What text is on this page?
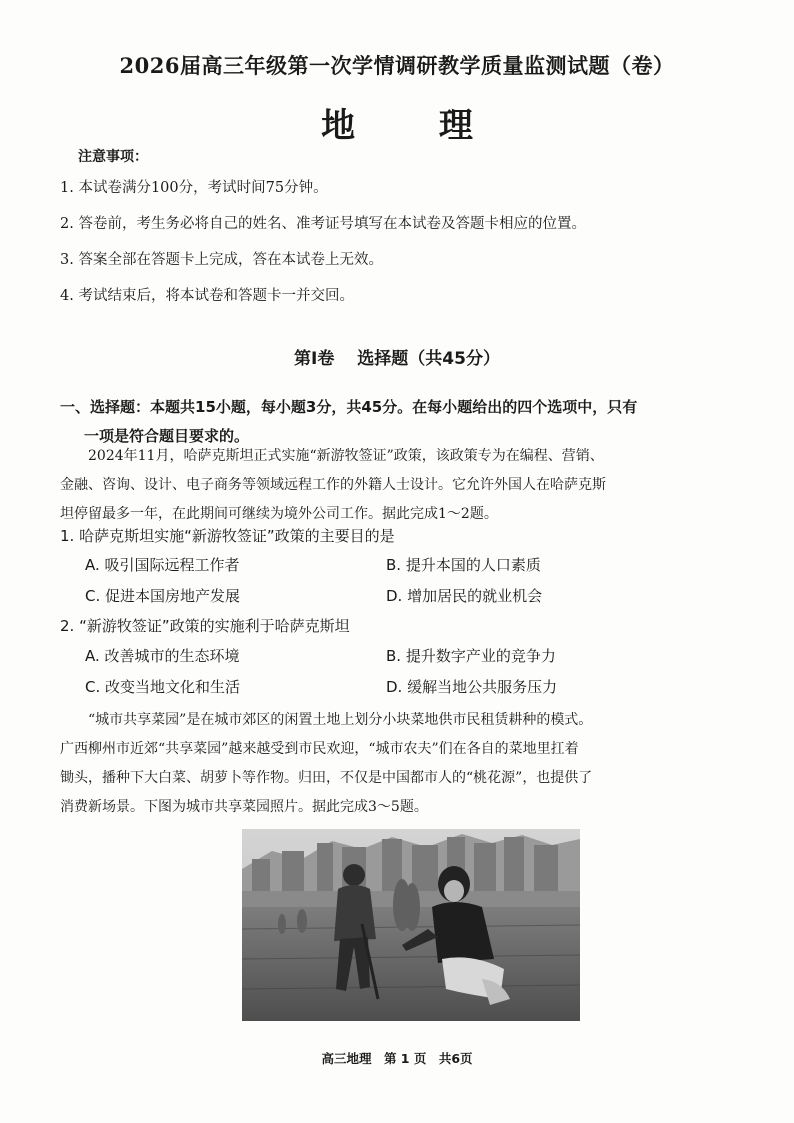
2026届高三年级第一次学情调研教学质量监测试题（卷）
地 理
注意事项：
1. 本试卷满分100分，考试时间75分钟。
2. 答卷前，考生务必将自己的姓名、准考证号填写在本试卷及答题卡相应的位置。
3. 答案全部在答题卡上完成，答在本试卷上无效。
4. 考试结束后，将本试卷和答题卡一并交回。
第Ⅰ卷　 选择题（共45分）
一、选择题：本题共15小题，每小题3分，共45分。在每小题给出的四个选项中，只有
一项是符合题目要求的。
2024年11月，哈萨克斯坦正式实施“新游牧签证”政策，该政策专为在编程、营销、
金融、咨询、设计、电子商务等领域远程工作的外籍人士设计。它允许外国人在哈萨克斯
坦停留最多一年，在此期间可继续为境外公司工作。据此完成1～2题。
1. 哈萨克斯坦实施“新游牧签证”政策的主要目的是
A. 吸引国际远程工作者	B. 提升本国的人口素质
C. 促进本国房地产发展	D. 增加居民的就业机会
2. “新游牧签证”政策的实施利于哈萨克斯坦
A. 改善城市的生态环境	B. 提升数字产业的竞争力
C. 改变当地文化和生活	D. 缓解当地公共服务压力
“城市共享菜园”是在城市郊区的闲置土地上划分小块菜地供市民租赁耕种的模式。
广西柳州市近郊“共享菜园”越来越受到市民欢迎，“城市农夫”们在各自的菜地里扛着
锄头，播种下大白菜、胡萝卜等作物。归田，不仅是中国都市人的“桃花源”，也提供了
消费新场景。下图为城市共享菜园照片。据此完成3～5题。
高三地理　第 1 页　共6页
